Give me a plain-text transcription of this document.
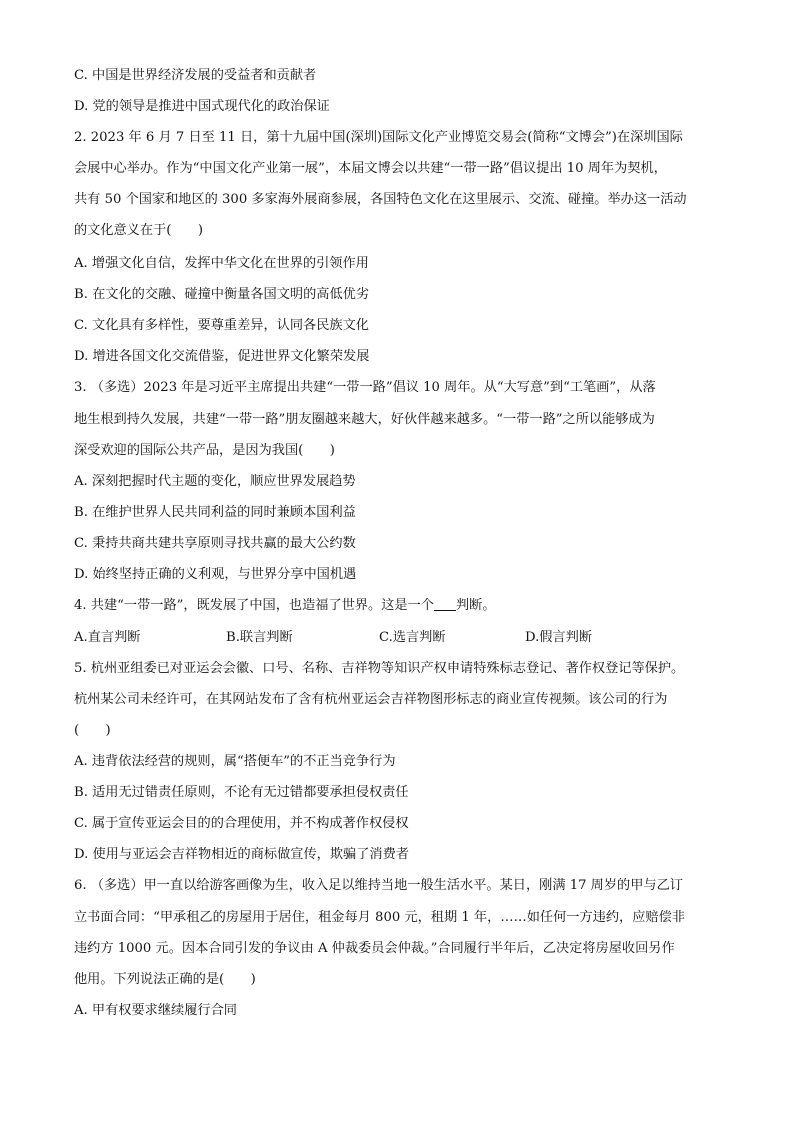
C. 中国是世界经济发展的受益者和贡献者
D. 党的领导是推进中国式现代化的政治保证
2. 2023 年 6 月 7 日至 11 日，第十九届中国(深圳)国际文化产业博览交易会(简称“文博会”)在深圳国际
会展中心举办。作为“中国文化产业第一展”，本届文博会以共建“一带一路”倡议提出 10 周年为契机，
共有 50 个国家和地区的 300 多家海外展商参展，各国特色文化在这里展示、交流、碰撞。举办这一活动
的文化意义在于(　　)
A. 增强文化自信，发挥中华文化在世界的引领作用
B. 在文化的交融、碰撞中衡量各国文明的高低优劣
C. 文化具有多样性，要尊重差异，认同各民族文化
D. 增进各国文化交流借鉴，促进世界文化繁荣发展
3. （多选）2023 年是习近平主席提出共建“一带一路”倡议 10 周年。从“大写意”到“工笔画”，从落
地生根到持久发展，共建“一带一路”朋友圈越来越大，好伙伴越来越多。“一带一路”之所以能够成为
深受欢迎的国际公共产品，是因为我国(　　)
A. 深刻把握时代主题的变化，顺应世界发展趋势
B. 在维护世界人民共同利益的同时兼顾本国利益
C. 秉持共商共建共享原则寻找共赢的最大公约数
D. 始终坚持正确的义利观，与世界分享中国机遇
4. 共建“一带一路”，既发展了中国，也造福了世界。这是一个 判断。
A.直言判断	B.联言判断	C.选言判断	D.假言判断
5. 杭州亚组委已对亚运会会徽、口号、名称、吉祥物等知识产权申请特殊标志登记、著作权登记等保护。
杭州某公司未经许可，在其网站发布了含有杭州亚运会吉祥物图形标志的商业宣传视频。该公司的行为
(　　)
A. 违背依法经营的规则，属“搭便车”的不正当竞争行为
B. 适用无过错责任原则，不论有无过错都要承担侵权责任
C. 属于宣传亚运会目的的合理使用，并不构成著作权侵权
D. 使用与亚运会吉祥物相近的商标做宣传，欺骗了消费者
6. （多选）甲一直以给游客画像为生，收入足以维持当地一般生活水平。某日，刚满 17 周岁的甲与乙订
立书面合同：“甲承租乙的房屋用于居住，租金每月 800 元，租期 1 年，……如任何一方违约，应赔偿非
违约方 1000 元。因本合同引发的争议由 A 仲裁委员会仲裁。”合同履行半年后，乙决定将房屋收回另作
他用。下列说法正确的是(　　)
A. 甲有权要求继续履行合同
